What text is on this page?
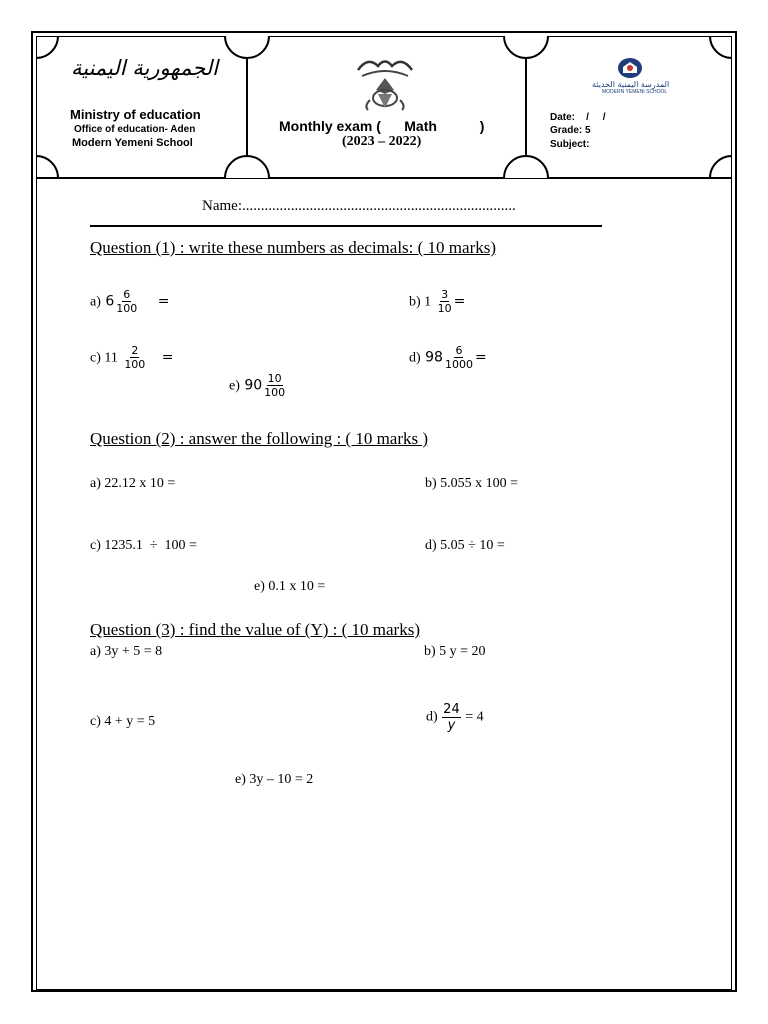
الجمهورية اليمنية
Ministry of education
Office of education- Aden
Modern Yemeni School
Monthly exam (      Math           )
(2023 – 2022)
المدرسة اليمنية الحديثة
MODERN YEMENI SCHOOL
Date:    /     /
Grade: 5
Subject:
Name:.........................................................................
Question (1) : write these numbers as decimals: ( 10 marks)
a) $6 \frac{6}{100}$ =	b) $1 \frac{3}{10}$ =
c) $11 \frac{2}{100}$ =	d) $98 \frac{6}{1000}$ =
e) $90 \frac{10}{100}$
Question (2) : answer the following : ( 10 marks )
a) 22.12 x 10 =	b) 5.055 x 100 =
c) 1235.1  ÷  100 =	d) 5.05 ÷ 10 =
e) 0.1 x 10 =
Question (3) : find the value of (Y) : ( 10 marks)
a) 3y + 5 = 8	b) 5 y = 20
c) 4 + y = 5	$d) \frac{24}{y} = 4$
e) 3y – 10 = 2
